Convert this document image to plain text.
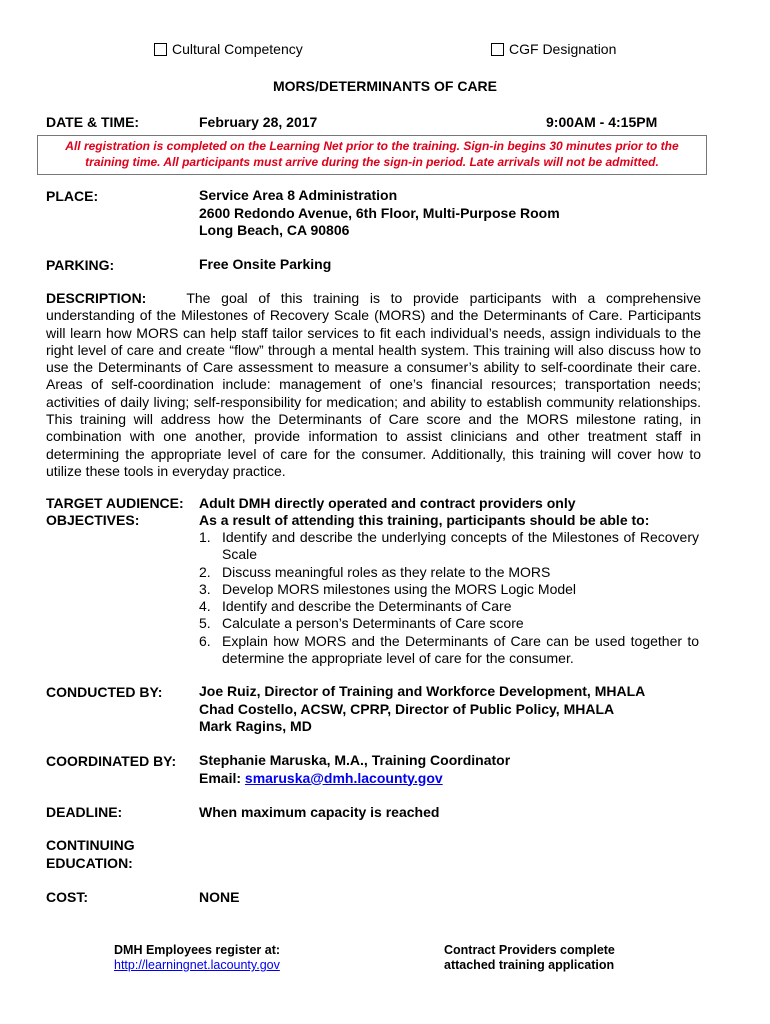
Cultural Competency	CGF Designation
MORS/DETERMINANTS OF CARE
DATE & TIME:	February 28, 2017	9:00AM - 4:15PM
All registration is completed on the Learning Net prior to the training. Sign-in begins 30 minutes prior to the training time. All participants must arrive during the sign-in period. Late arrivals will not be admitted.
PLACE:	Service Area 8 Administration
2600 Redondo Avenue, 6th Floor, Multi-Purpose Room
Long Beach, CA 90806
PARKING:	Free Onsite Parking
DESCRIPTION:	The goal of this training is to provide participants with a comprehensive understanding of the Milestones of Recovery Scale (MORS) and the Determinants of Care. Participants will learn how MORS can help staff tailor services to fit each individual’s needs, assign individuals to the right level of care and create “flow” through a mental health system. This training will also discuss how to use the Determinants of Care assessment to measure a consumer’s ability to self-coordinate their care. Areas of self-coordination include: management of one’s financial resources; transportation needs; activities of daily living; self-responsibility for medication; and ability to establish community relationships. This training will address how the Determinants of Care score and the MORS milestone rating, in combination with one another, provide information to assist clinicians and other treatment staff in determining the appropriate level of care for the consumer. Additionally, this training will cover how to utilize these tools in everyday practice.
TARGET AUDIENCE: Adult DMH directly operated and contract providers only
OBJECTIVES:	As a result of attending this training, participants should be able to:
1. Identify and describe the underlying concepts of the Milestones of Recovery Scale
2. Discuss meaningful roles as they relate to the MORS
3. Develop MORS milestones using the MORS Logic Model
4. Identify and describe the Determinants of Care
5. Calculate a person’s Determinants of Care score
6. Explain how MORS and the Determinants of Care can be used together to determine the appropriate level of care for the consumer.
CONDUCTED BY:	Joe Ruiz, Director of Training and Workforce Development, MHALA
Chad Costello, ACSW, CPRP, Director of Public Policy, MHALA
Mark Ragins, MD
COORDINATED BY: Stephanie Maruska, M.A., Training Coordinator
Email: smaruska@dmh.lacounty.gov
DEADLINE:	When maximum capacity is reached
CONTINUING
EDUCATION:
COST:	NONE
DMH Employees register at:
http://learningnet.lacounty.gov
Contract Providers complete
attached training application
